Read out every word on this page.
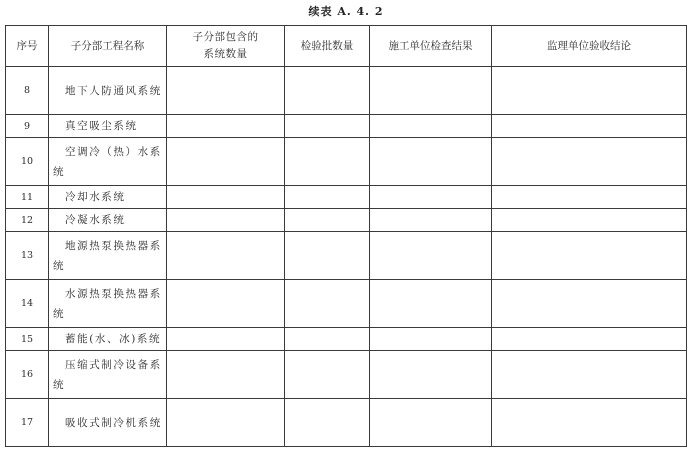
续表 A. 4. 2
序号	子分部工程名称	子分部包含的系统数量	检验批数量	施工单位检查结果	监理单位验收结论
8	地下人防通风系统				

9	真空吸尘系统				

10	空调冷（热）水系统				

11	冷却水系统				

12	冷凝水系统				

13	地源热泵换热器系统				

14	水源热泵换热器系统				

15	蓄能(水、冰)系统				

16	压缩式制冷设备系统				

17	吸收式制冷机系统				
